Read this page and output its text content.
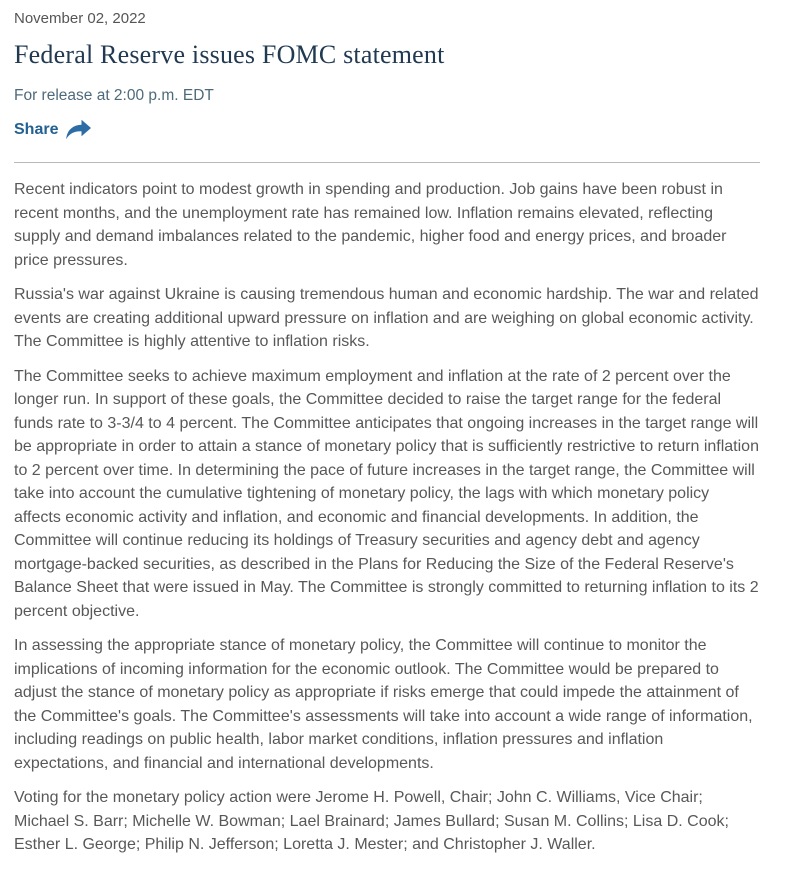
November 02, 2022

Federal Reserve issues FOMC statement

For release at 2:00 p.m. EDT

Share

Recent indicators point to modest growth in spending and production. Job gains have been robust in recent months, and the unemployment rate has remained low. Inflation remains elevated, reflecting supply and demand imbalances related to the pandemic, higher food and energy prices, and broader price pressures.

Russia's war against Ukraine is causing tremendous human and economic hardship. The war and related events are creating additional upward pressure on inflation and are weighing on global economic activity. The Committee is highly attentive to inflation risks.

The Committee seeks to achieve maximum employment and inflation at the rate of 2 percent over the longer run. In support of these goals, the Committee decided to raise the target range for the federal funds rate to 3-3/4 to 4 percent. The Committee anticipates that ongoing increases in the target range will be appropriate in order to attain a stance of monetary policy that is sufficiently restrictive to return inflation to 2 percent over time. In determining the pace of future increases in the target range, the Committee will take into account the cumulative tightening of monetary policy, the lags with which monetary policy affects economic activity and inflation, and economic and financial developments. In addition, the Committee will continue reducing its holdings of Treasury securities and agency debt and agency mortgage-backed securities, as described in the Plans for Reducing the Size of the Federal Reserve's Balance Sheet that were issued in May. The Committee is strongly committed to returning inflation to its 2 percent objective.

In assessing the appropriate stance of monetary policy, the Committee will continue to monitor the implications of incoming information for the economic outlook. The Committee would be prepared to adjust the stance of monetary policy as appropriate if risks emerge that could impede the attainment of the Committee's goals. The Committee's assessments will take into account a wide range of information, including readings on public health, labor market conditions, inflation pressures and inflation expectations, and financial and international developments.

Voting for the monetary policy action were Jerome H. Powell, Chair; John C. Williams, Vice Chair; Michael S. Barr; Michelle W. Bowman; Lael Brainard; James Bullard; Susan M. Collins; Lisa D. Cook; Esther L. George; Philip N. Jefferson; Loretta J. Mester; and Christopher J. Waller.
